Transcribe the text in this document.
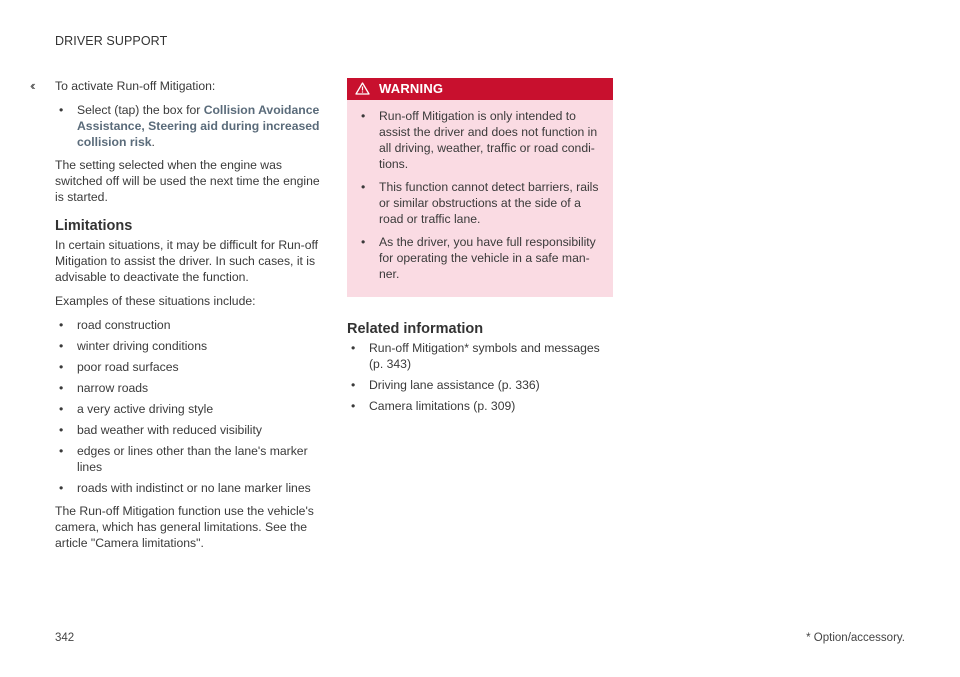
DRIVER SUPPORT
‹‹ To activate Run-off Mitigation:

• Select (tap) the box for Collision Avoidance Assistance, Steering aid during increased collision risk.

The setting selected when the engine was switched off will be used the next time the engine is started.

Limitations

In certain situations, it may be difficult for Run-off Mitigation to assist the driver. In such cases, it is advisable to deactivate the function.

Examples of these situations include:

• road construction
• winter driving conditions
• poor road surfaces
• narrow roads
• a very active driving style
• bad weather with reduced visibility
• edges or lines other than the lane's marker lines
• roads with indistinct or no lane marker lines

The Run-off Mitigation function use the vehicle's camera, which has general limitations. See the article "Camera limitations".

WARNING
• Run-off Mitigation is only intended to assist the driver and does not function in all driving, weather, traffic or road condi-tions.
• This function cannot detect barriers, rails or similar obstructions at the side of a road or traffic lane.
• As the driver, you have full responsibility for operating the vehicle in a safe man-ner.
Related information
• Run-off Mitigation* symbols and messages (p. 343)
• Driving lane assistance (p. 336)
• Camera limitations (p. 309)
342	* Option/accessory.
